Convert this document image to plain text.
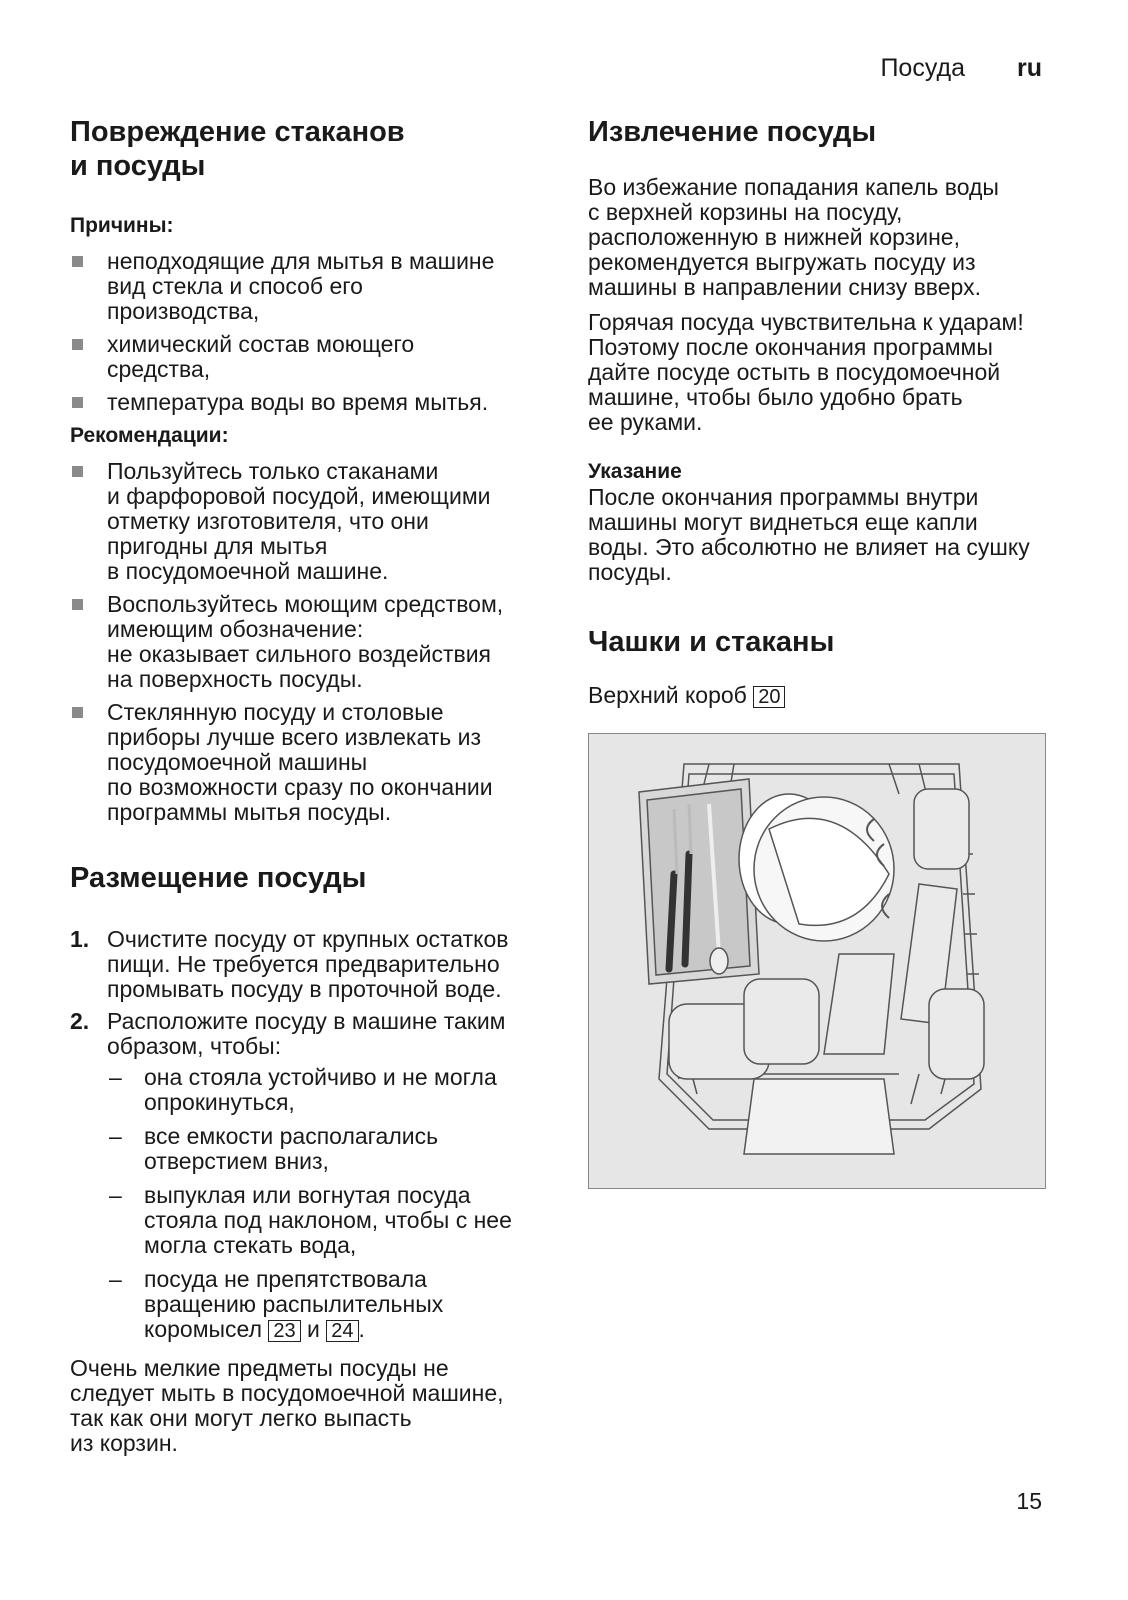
Посуда ru
Повреждение стаканов
и посуды
Причины:
неподходящие для мытья в машине
вид стекла и способ его
производства,
химический состав моющего
средства,
температура воды во время мытья.
Рекомендации:
Пользуйтесь только стаканами
и фарфоровой посудой, имеющими
отметку изготовителя, что они
пригодны для мытья
в посудомоечной машине.
Воспользуйтесь моющим средством,
имеющим обозначение:
не оказывает сильного воздействия
на поверхность посуды.
Стеклянную посуду и столовые
приборы лучше всего извлекать из
посудомоечной машины
по возможности сразу по окончании
программы мытья посуды.
Размещение посуды
1. Очистите посуду от крупных остатков
пищи. Не требуется предварительно
промывать посуду в проточной воде.
2. Расположите посуду в машине таким
образом, чтобы:
– она стояла устойчиво и не могла
опрокинуться,
– все емкости располагались
отверстием вниз,
– выпуклая или вогнутая посуда
стояла под наклоном, чтобы с нее
могла стекать вода,
– посуда не препятствовала
вращению распылительных
коромысел 23 и 24 .

Очень мелкие предметы посуды не
следует мыть в посудомоечной машине,
так как они могут легко выпасть
из корзин.

Извлечение посуды

Во избежание попадания капель воды
с верхней корзины на посуду,
расположенную в нижней корзине,
рекомендуется выгружать посуду из
машины в направлении снизу вверх.

Горячая посуда чувствительна к ударам!
Поэтому после окончания программы
дайте посуде остыть в посудомоечной
машине, чтобы было удобно брать
ее руками.

Указание

После окончания программы внутри
машины могут виднеться еще капли
воды. Это абсолютно не влияет на сушку
посуды.

Чашки и стаканы

Верхний короб 20

15
